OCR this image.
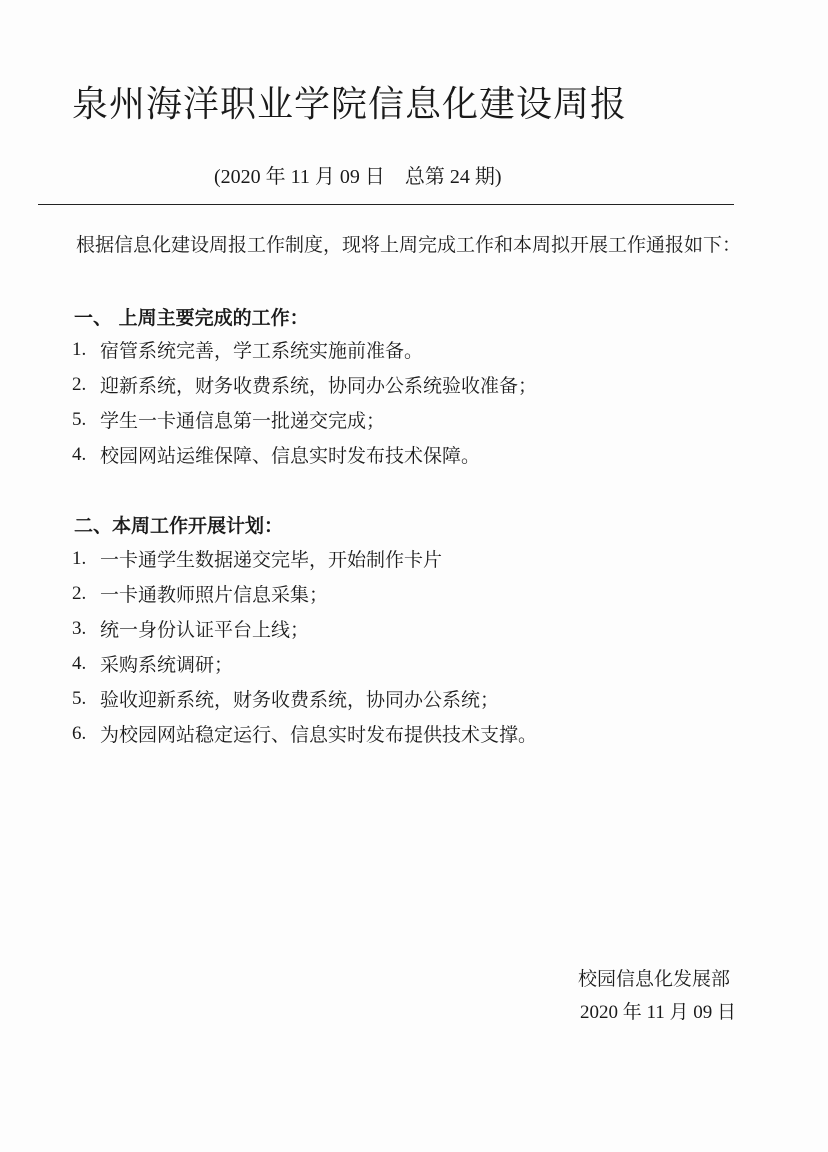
泉州海洋职业学院信息化建设周报
(2020 年 11 月 09 日　总第 24 期)
根据信息化建设周报工作制度，现将上周完成工作和本周拟开展工作通报如下：
一、 上周主要完成的工作：
1. 宿管系统完善，学工系统实施前准备。
2. 迎新系统，财务收费系统，协同办公系统验收准备；
5. 学生一卡通信息第一批递交完成；
4. 校园网站运维保障、信息实时发布技术保障。
二、本周工作开展计划：
1. 一卡通学生数据递交完毕，开始制作卡片
2. 一卡通教师照片信息采集；
3. 统一身份认证平台上线；
4. 采购系统调研；
5. 验收迎新系统，财务收费系统，协同办公系统；
6. 为校园网站稳定运行、信息实时发布提供技术支撑。
校园信息化发展部
2020 年 11 月 09 日
